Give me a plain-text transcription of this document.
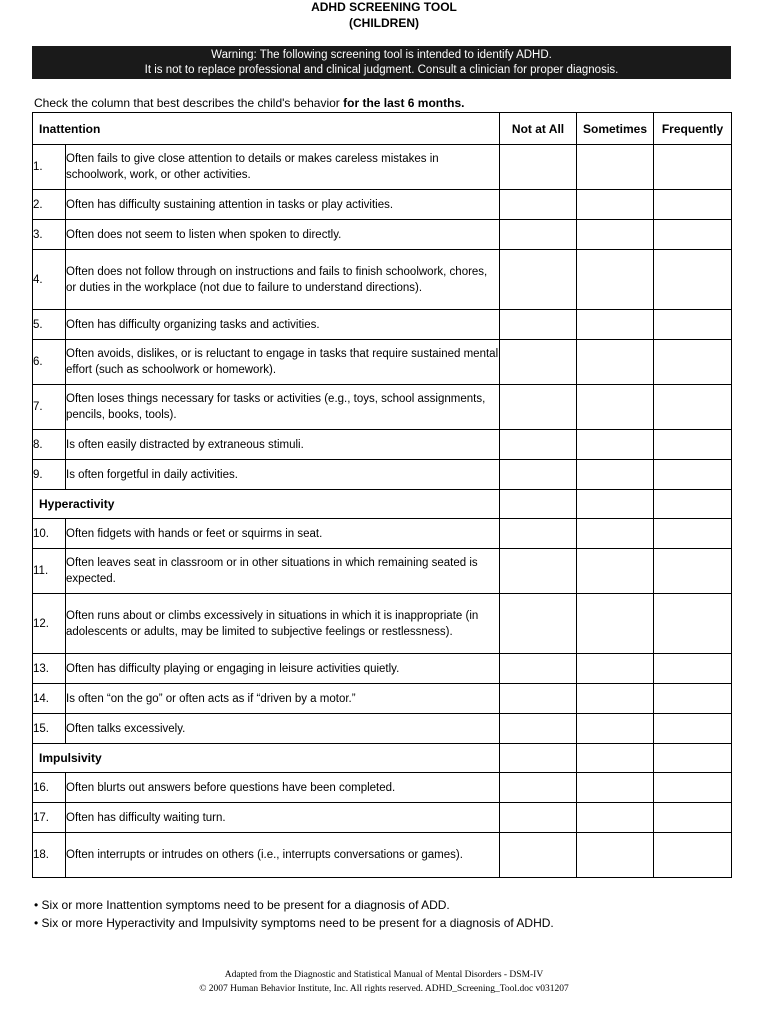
ADHD SCREENING TOOL
(CHILDREN)
Warning: The following screening tool is intended to identify ADHD.
It is not to replace professional and clinical judgment. Consult a clinician for proper diagnosis.
Check the column that best describes the child's behavior for the last 6 months.
Inattention		Not at All	Sometimes	Frequently
1.	Often fails to give close attention to details or makes careless mistakes in schoolwork, work, or other activities.			
2.	Often has difficulty sustaining attention in tasks or play activities.			
3.	Often does not seem to listen when spoken to directly.			
4.	Often does not follow through on instructions and fails to finish schoolwork, chores, or duties in the workplace (not due to failure to understand directions).			
5.	Often has difficulty organizing tasks and activities.			
6.	Often avoids, dislikes, or is reluctant to engage in tasks that require sustained mental effort (such as schoolwork or homework).			
7.	Often loses things necessary for tasks or activities (e.g., toys, school assignments, pencils, books, tools).			
8.	Is often easily distracted by extraneous stimuli.			
9.	Is often forgetful in daily activities.			
Hyperactivity				
10.	Often fidgets with hands or feet or squirms in seat.			
11.	Often leaves seat in classroom or in other situations in which remaining seated is expected.			
12.	Often runs about or climbs excessively in situations in which it is inappropriate (in adolescents or adults, may be limited to subjective feelings or restlessness).			
13.	Often has difficulty playing or engaging in leisure activities quietly.			
14.	Is often “on the go” or often acts as if “driven by a motor.”			
15.	Often talks excessively.			
Impulsivity				
16.	Often blurts out answers before questions have been completed.			
17.	Often has difficulty waiting turn.			
18.	Often interrupts or intrudes on others (i.e., interrupts conversations or games).			
• Six or more Inattention symptoms need to be present for a diagnosis of ADD.
• Six or more Hyperactivity and Impulsivity symptoms need to be present for a diagnosis of ADHD.
Adapted from the Diagnostic and Statistical Manual of Mental Disorders - DSM-IV
© 2007 Human Behavior Institute, Inc. All rights reserved. ADHD_Screening_Tool.doc v031207
